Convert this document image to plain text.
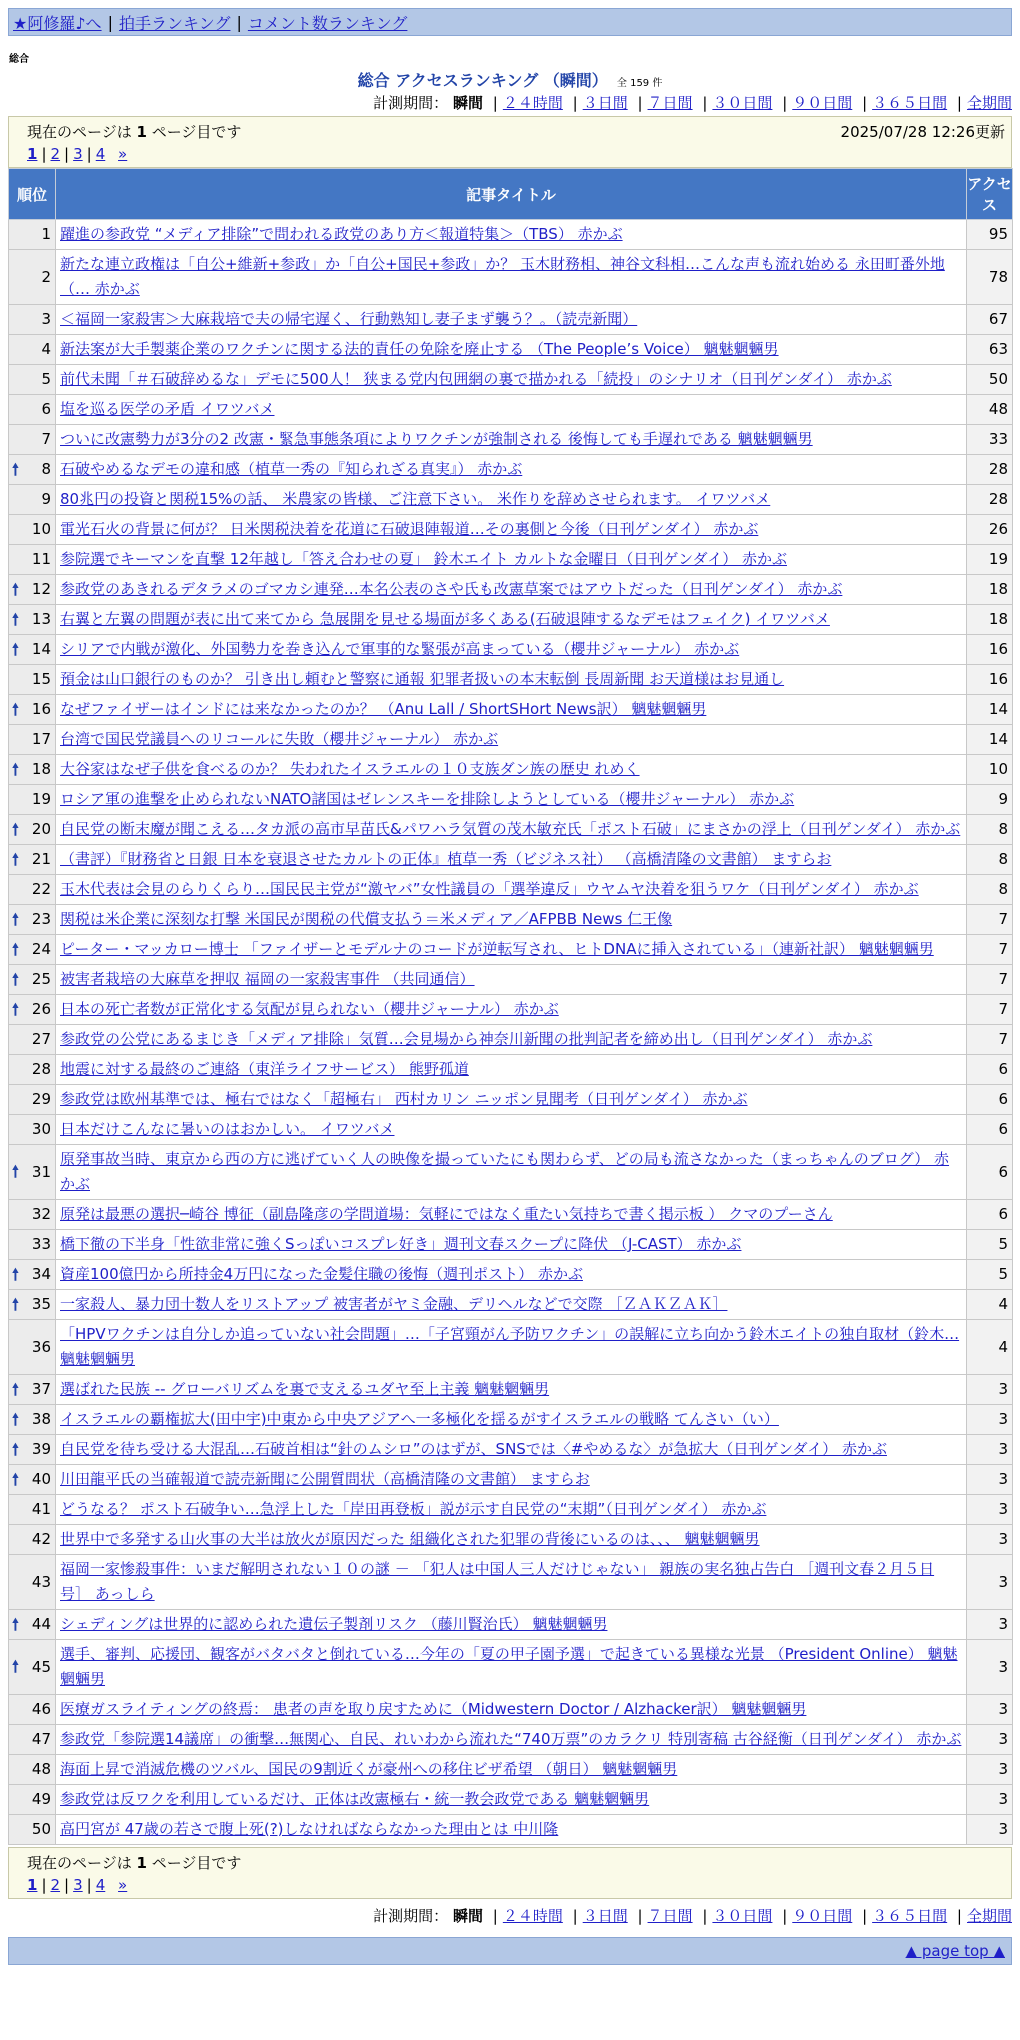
★阿修羅♪へ | 拍手ランキング | コメント数ランキング
総合
総合 アクセスランキング （瞬間） 全 159 件
計測期間： 瞬間 | ２４時間 | ３日間 | ７日間 | ３０日間 | ９０日間 | ３６５日間 | 全期間
現在のページは 1 ページ目です	2025/07/28 12:26更新
1 | 2 | 3 | 4 »
順位	記事タイトル	アクセス
1	躍進の参政党 “メディア排除”で問われる政党のあり方＜報道特集＞（TBS） 赤かぶ	95
2	新たな連立政権は「自公+維新+参政」か「自公+国民+参政」か？ 玉木財務相、神谷文科相…こんな声も流れ始める 永田町番外地（… 赤かぶ	78
3	＜福岡一家殺害＞大麻栽培で夫の帰宅遅く、行動熟知し妻子まず襲う？。（読売新聞）	67
4	新法案が大手製薬企業のワクチンに関する法的責任の免除を廃止する （The People’s Voice） 魑魅魍魎男	63
5	前代未聞「＃石破辞めるな」デモに500人！ 狭まる党内包囲網の裏で描かれる「続投」のシナリオ（日刊ゲンダイ） 赤かぶ	50
6	塩を巡る医学の矛盾 イワツバメ	48
7	ついに改憲勢力が3分の2 改憲・緊急事態条項によりワクチンが強制される 後悔しても手遅れである 魑魅魍魎男	33

🠕 8	石破やめるなデモの違和感（植草一秀の『知られざる真実』） 赤かぶ	28
9	80兆円の投資と関税15%の話、 米農家の皆様、ご注意下さい。 米作りを辞めさせられます。 イワツバメ	28
10	電光石火の背景に何が？ 日米関税決着を花道に石破退陣報道…その裏側と今後（日刊ゲンダイ） 赤かぶ	26
11	参院選でキーマンを直撃 12年越し「答え合わせの夏」 鈴木エイト カルトな金曜日（日刊ゲンダイ） 赤かぶ	19

🠕 12	参政党のあきれるデタラメのゴマカシ連発…本名公表のさや氏も改憲草案ではアウトだった（日刊ゲンダイ） 赤かぶ	18

🠕 13	右翼と左翼の問題が表に出て来てから 急展開を見せる場面が多くある(石破退陣するなデモはフェイク) イワツバメ	18

🠕 14	シリアで内戦が激化、外国勢力を巻き込んで軍事的な緊張が高まっている（櫻井ジャーナル） 赤かぶ	16
15	預金は山口銀行のものか？ 引き出し頼むと警察に通報 犯罪者扱いの本末転倒 長周新聞 お天道様はお見通し	16

🠕 16	なぜファイザーはインドには来なかったのか？ （Anu Lall / ShortSHort News訳） 魑魅魍魎男	14
17	台湾で国民党議員へのリコールに失敗（櫻井ジャーナル） 赤かぶ	14

🠕 18	大谷家はなぜ子供を食べるのか？ 失われたイスラエルの１０支族ダン族の歴史 れめく	10
19	ロシア軍の進撃を止められないNATO諸国はゼレンスキーを排除しようとしている（櫻井ジャーナル） 赤かぶ	9

🠕 20	自民党の断末魔が聞こえる…タカ派の高市早苗氏&パワハラ気質の茂木敏充氏「ポスト石破」にまさかの浮上（日刊ゲンダイ） 赤かぶ	8

🠕 21	（書評）『財務省と日銀 日本を衰退させたカルトの正体』植草一秀（ビジネス社） （高橋清隆の文書館） ますらお	8
22	玉木代表は会見のらりくらり…国民民主党が“激ヤバ”女性議員の「選挙違反」ウヤムヤ決着を狙うワケ（日刊ゲンダイ） 赤かぶ	8

🠕 23	関税は米企業に深刻な打撃 米国民が関税の代償支払う＝米メディア／AFPBB News 仁王像	7

🠕 24	ピーター・マッカロー博士 「ファイザーとモデルナのコードが逆転写され、ヒトDNAに挿入されている」（連新社訳） 魑魅魍魎男	7

🠕 25	被害者栽培の大麻草を押収 福岡の一家殺害事件 （共同通信）	7

🠕 26	日本の死亡者数が正常化する気配が見られない（櫻井ジャーナル） 赤かぶ	7
27	参政党の公党にあるまじき「メディア排除」気質…会見場から神奈川新聞の批判記者を締め出し（日刊ゲンダイ） 赤かぶ	7
28	地震に対する最終のご連絡（東洋ライフサービス） 熊野孤道	6
29	参政党は欧州基準では、極右ではなく「超極右」 西村カリン ニッポン見聞考（日刊ゲンダイ） 赤かぶ	6
30	日本だけこんなに暑いのはおかしい。 イワツバメ	6

🠕 31	原発事故当時、東京から西の方に逃げていく人の映像を撮っていたにも関わらず、どの局も流さなかった（まっちゃんのブログ） 赤かぶ	6
32	原発は最悪の選択─崎谷 博征（副島隆彦の学問道場：気軽にではなく重たい気持ちで書く掲示板 ） クマのプーさん	6
33	橋下徹の下半身「性欲非常に強くSっぽいコスプレ好き」週刊文春スクープに降伏 （J-CAST） 赤かぶ	5

🠕 34	資産100億円から所持金4万円になった金髪住職の後悔（週刊ポスト） 赤かぶ	5

🠕 35	一家殺人、暴力団十数人をリストアップ 被害者がヤミ金融、デリヘルなどで交際 ［ＺＡＫＺＡＫ］	4
36	「HPVワクチンは自分しか追っていない社会問題」…「子宮頸がん予防ワクチン」の誤解に立ち向かう鈴木エイトの独自取材（鈴木… 魑魅魍魎男	4

🠕 37	選ばれた民族 -- グローバリズムを裏で支えるユダヤ至上主義 魑魅魍魎男	3

🠕 38	イスラエルの覇権拡大(田中宇)中東から中央アジアへ一多極化を揺るがすイスラエルの戦略 てんさい（い）	3

🠕 39	自民党を待ち受ける大混乱…石破首相は“針のムシロ”のはずが、SNSでは〈#やめるな〉が急拡大（日刊ゲンダイ） 赤かぶ	3

🠕 40	川田龍平氏の当確報道で読売新聞に公開質問状（高橋清隆の文書館） ますらお	3
41	どうなる？ ポスト石破争い…急浮上した「岸田再登板」説が示す自民党の“末期”（日刊ゲンダイ） 赤かぶ	3
42	世界中で多発する山火事の大半は放火が原因だった 組織化された犯罪の背後にいるのは、、、 魑魅魍魎男	3
43	福岡一家惨殺事件：いまだ解明されない１０の謎 － 「犯人は中国人三人だけじゃない」 親族の実名独占告白 ［週刊文春２月５日号］ あっしら	3

🠕 44	シェディングは世界的に認められた遺伝子製剤リスク （藤川賢治氏） 魑魅魍魎男	3

🠕 45	選手、審判、応援団、観客がバタバタと倒れている…今年の「夏の甲子園予選」で起きている異様な光景 （President Online） 魑魅魍魎男	3
46	医療ガスライティングの終焉： 患者の声を取り戻すために（Midwestern Doctor / Alzhacker訳） 魑魅魍魎男	3
47	参政党「参院選14議席」の衝撃…無関心、自民、れいわから流れた“740万票”のカラクリ 特別寄稿 古谷経衡（日刊ゲンダイ） 赤かぶ	3
48	海面上昇で消滅危機のツバル、国民の9割近くが豪州への移住ビザ希望 （朝日） 魑魅魍魎男	3
49	参政党は反ワクを利用しているだけ、正体は改憲極右・統一教会政党である 魑魅魍魎男	3
50	高円宮が 47歳の若さで腹上死(?)しなければならなかった理由とは 中川隆	3
現在のページは 1 ページ目です
1 | 2 | 3 | 4 »
計測期間： 瞬間 | ２４時間 | ３日間 | ７日間 | ３０日間 | ９０日間 | ３６５日間 | 全期間
▲ page top ▲
